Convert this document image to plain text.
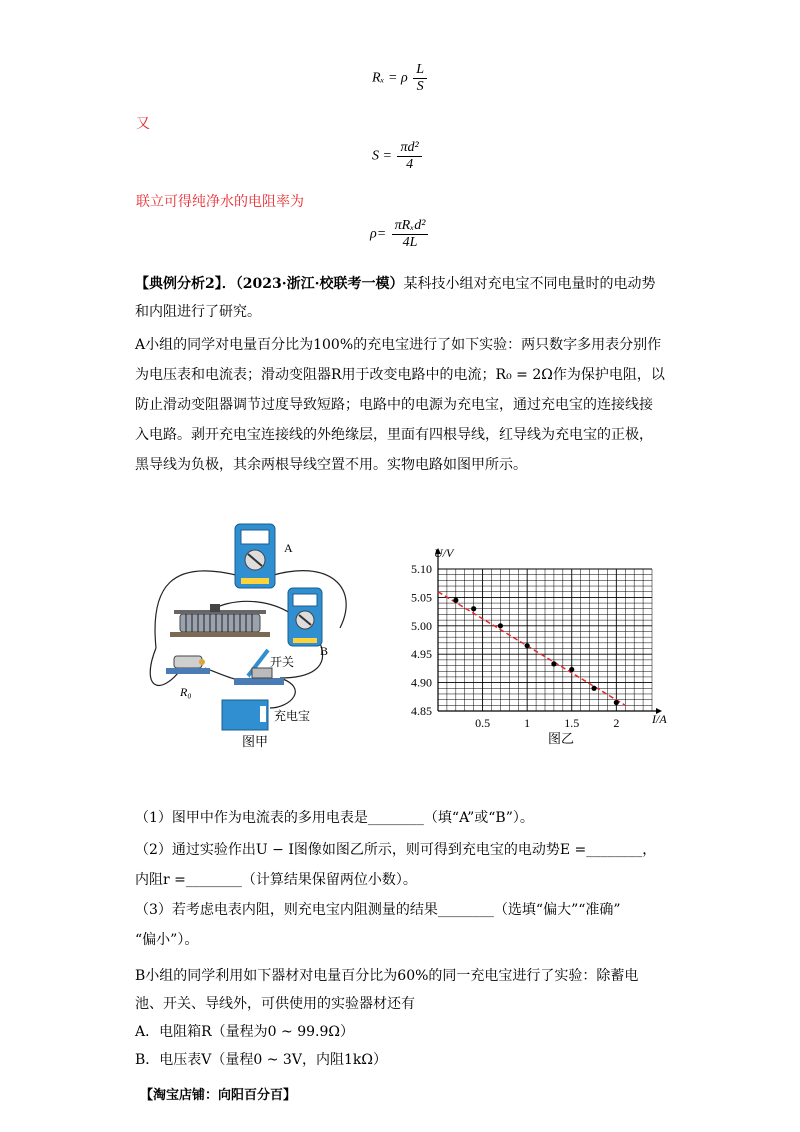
Rₓ = ρ $\frac{L}{S}$
又
$S = \frac{\text{πd²}}{4}$
联立可得纯净水的电阻率为
$\rho= \frac{\text{πRₓd²}}{4L}$
【典例分析2】．（2023·浙江·校联考一模）某科技小组对充电宝不同电量时的电动势和内阻进行了研究。
A小组的同学对电量百分比为100%的充电宝进行了如下实验：两只数字多用表分别作为电压表和电流表；滑动变阻器R用于改变电路中的电流；R₀ = 2Ω作为保护电阻，以防止滑动变阻器调节过度导致短路；电路中的电源为充电宝，通过充电宝的连接线接入电路。剥开充电宝连接线的外绝缘层，里面有四根导线，红导线为充电宝的正极，黑导线为负极，其余两根导线空置不用。实物电路如图甲所示。
A
B
R₀
开关
充电宝
图甲
5.10
5.05
5.00
4.95
4.90
4.85
0.5	1	1.5	2
U/V
I/A
图乙
（1）图甲中作为电流表的多用电表是________（填“A”或“B”）。
（2）通过实验作出U − I图像如图乙所示，则可得到充电宝的电动势E =________，
内阻r =________（计算结果保留两位小数）。
（3）若考虑电表内阻，则充电宝内阻测量的结果________（选填“偏大”“准确”
“偏小”）。
B小组的同学利用如下器材对电量百分比为60%的同一充电宝进行了实验：除蓄电池、开关、导线外，可供使用的实验器材还有
A．电阻箱R（量程为0 ~ 99.9Ω）
B．电压表V（量程0 ~ 3V，内阻1kΩ）
【淘宝店铺：向阳百分百】
